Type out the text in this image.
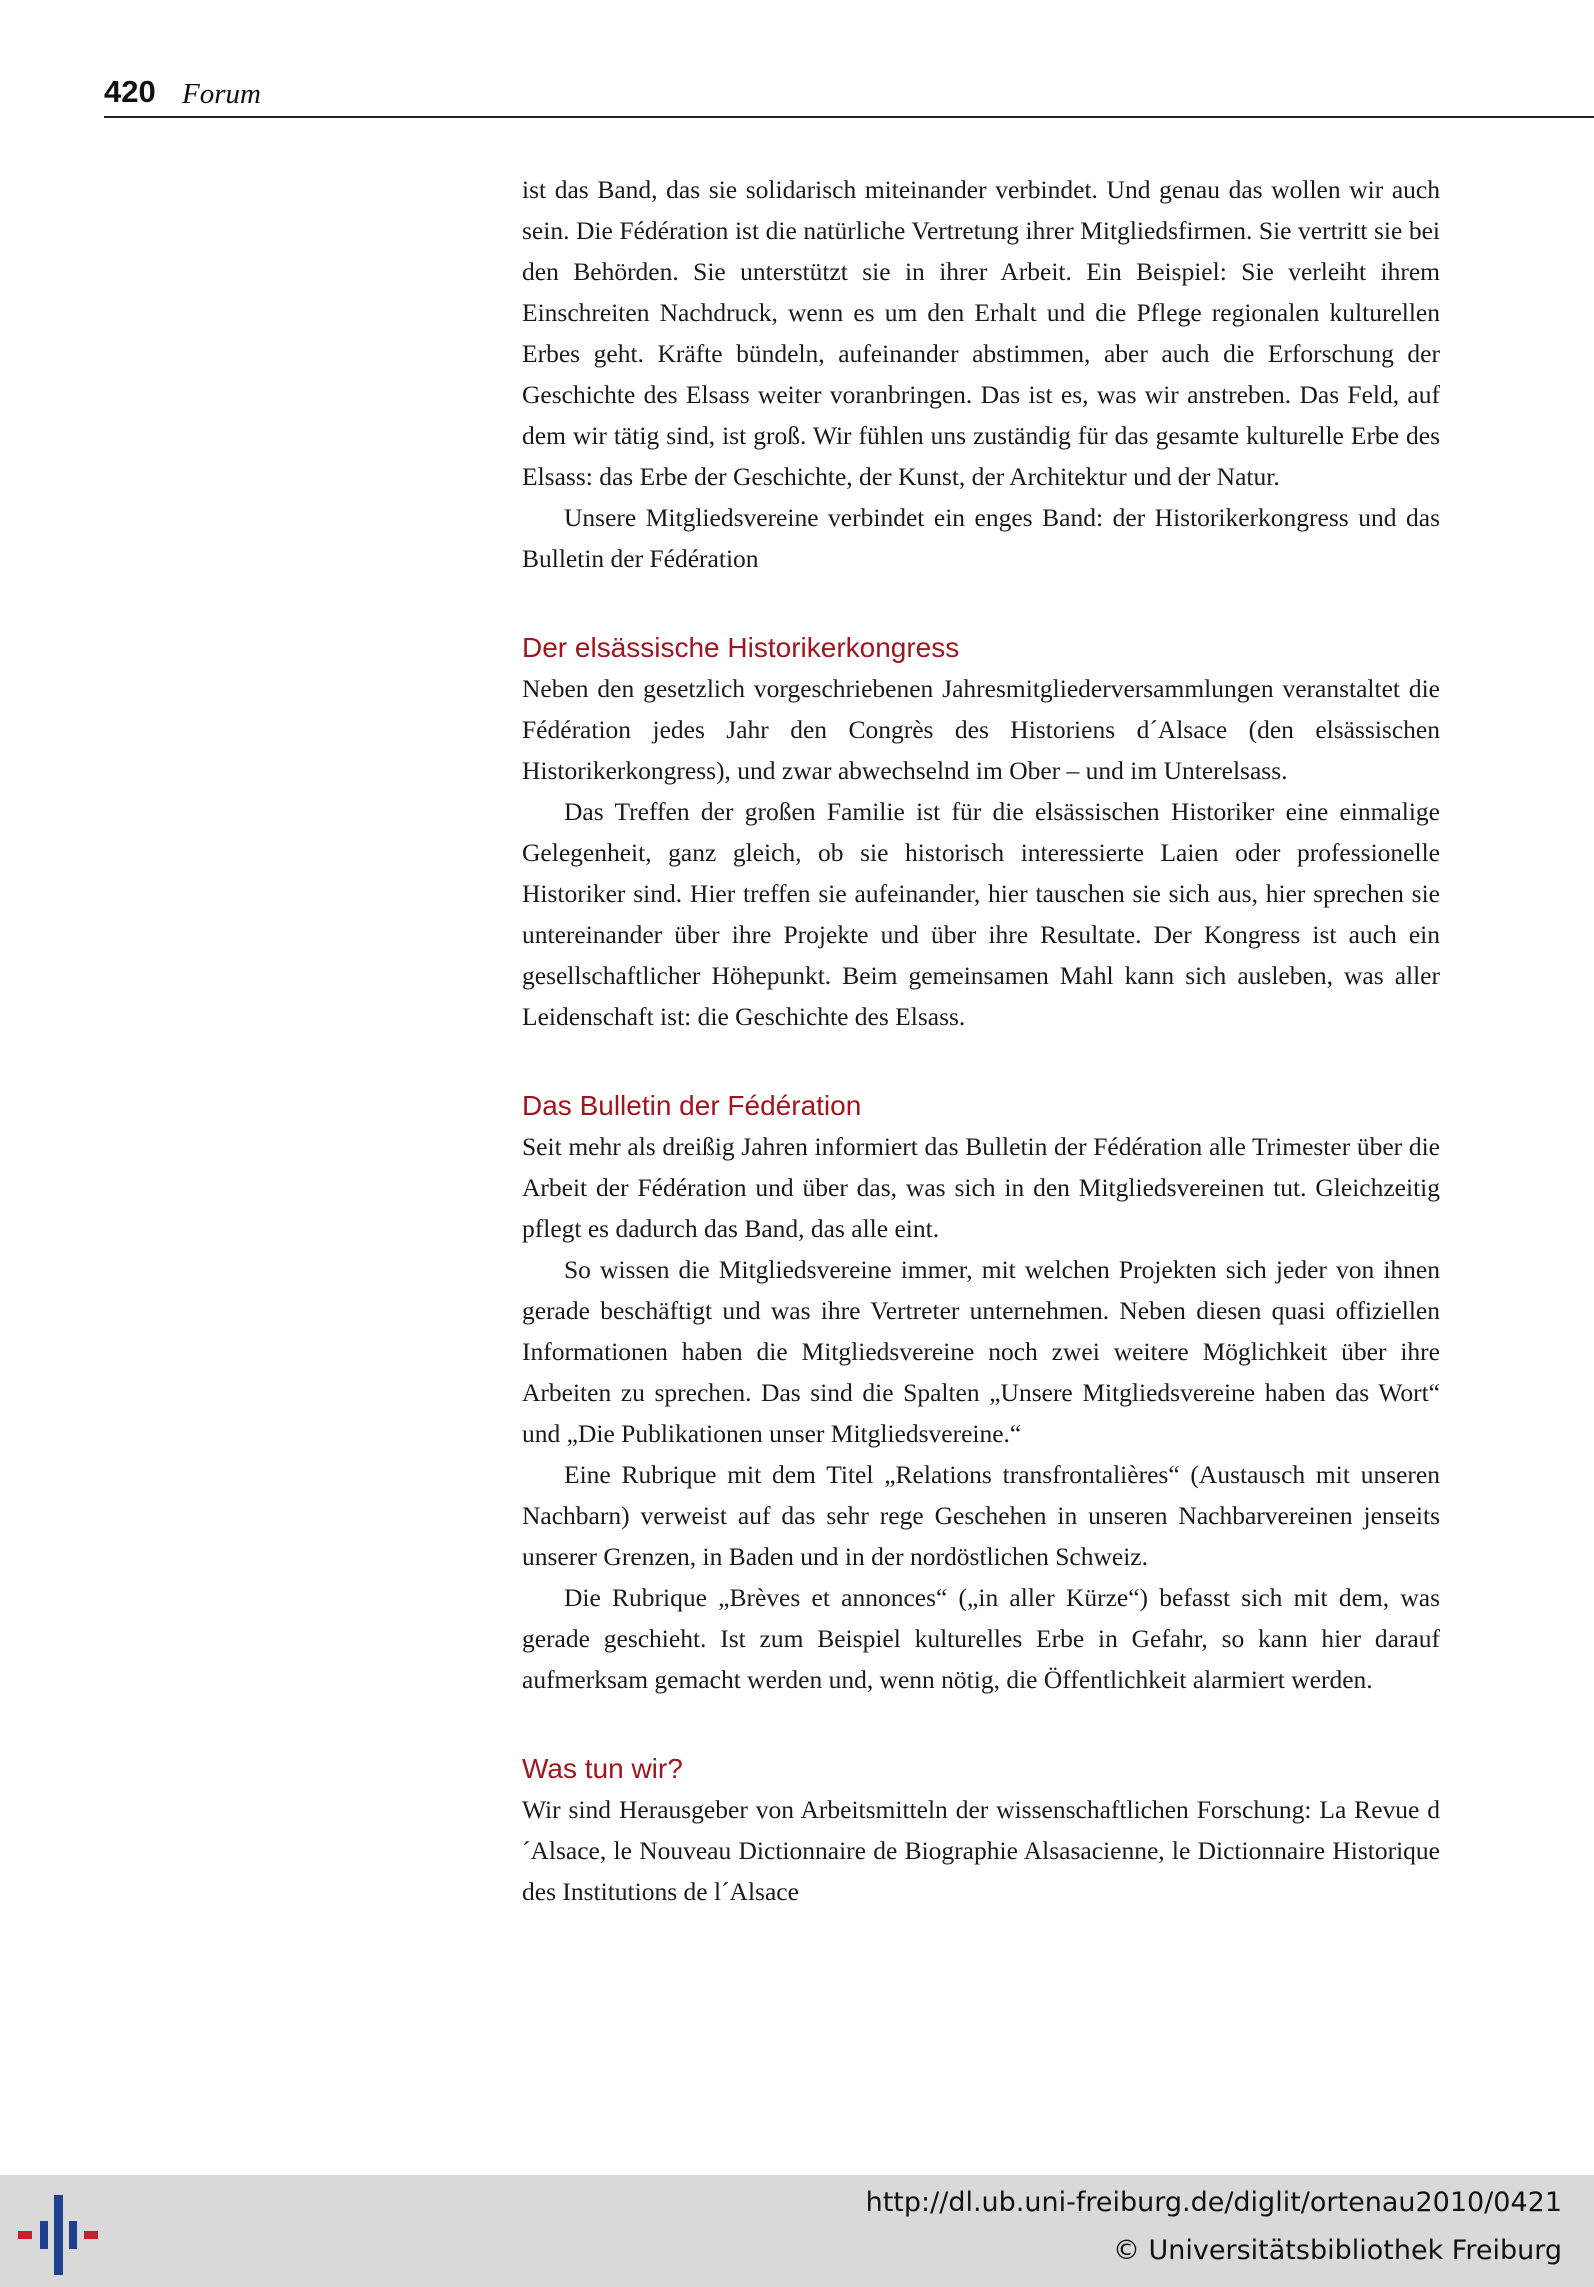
420 Forum

ist das Band, das sie solidarisch miteinander verbindet. Und genau das wollen wir auch sein. Die Fédération ist die natürliche Vertretung ihrer Mitgliedsfirmen. Sie vertritt sie bei den Behörden. Sie unterstützt sie in ihrer Arbeit. Ein Beispiel: Sie verleiht ihrem Einschreiten Nachdruck, wenn es um den Erhalt und die Pflege regionalen kulturellen Erbes geht. Kräfte bündeln, aufeinander abstimmen, aber auch die Erforschung der Geschichte des Elsass weiter voranbringen. Das ist es, was wir anstreben. Das Feld, auf dem wir tätig sind, ist groß. Wir fühlen uns zuständig für das gesamte kulturelle Erbe des Elsass: das Erbe der Geschichte, der Kunst, der Architektur und der Natur.

Unsere Mitgliedsvereine verbindet ein enges Band: der Historikerkongress und das Bulletin der Fédération

Der elsässische Historikerkongress

Neben den gesetzlich vorgeschriebenen Jahresmitgliederversammlungen veranstaltet die Fédération jedes Jahr den Congrès des Historiens d´Alsace (den elsässischen Historikerkongress), und zwar abwechselnd im Ober – und im Unterelsass.

Das Treffen der großen Familie ist für die elsässischen Historiker eine einmalige Gelegenheit, ganz gleich, ob sie historisch interessierte Laien oder professionelle Historiker sind. Hier treffen sie aufeinander, hier tauschen sie sich aus, hier sprechen sie untereinander über ihre Projekte und über ihre Resultate. Der Kongress ist auch ein gesellschaftlicher Höhepunkt. Beim gemeinsamen Mahl kann sich ausleben, was aller Leidenschaft ist: die Geschichte des Elsass.

Das Bulletin der Fédération

Seit mehr als dreißig Jahren informiert das Bulletin der Fédération alle Trimester über die Arbeit der Fédération und über das, was sich in den Mitgliedsvereinen tut. Gleichzeitig pflegt es dadurch das Band, das alle eint.

So wissen die Mitgliedsvereine immer, mit welchen Projekten sich jeder von ihnen gerade beschäftigt und was ihre Vertreter unternehmen. Neben diesen quasi offiziellen Informationen haben die Mitgliedsvereine noch zwei weitere Möglichkeit über ihre Arbeiten zu sprechen. Das sind die Spalten „Unsere Mitgliedsvereine haben das Wort“ und „Die Publikationen unser Mitgliedsvereine.“

Eine Rubrique mit dem Titel „Relations transfrontalières“ (Austausch mit unseren Nachbarn) verweist auf das sehr rege Geschehen in unseren Nachbarvereinen jenseits unserer Grenzen, in Baden und in der nordöstlichen Schweiz.

Die Rubrique „Brèves et annonces“ („in aller Kürze“) befasst sich mit dem, was gerade geschieht. Ist zum Beispiel kulturelles Erbe in Gefahr, so kann hier darauf aufmerksam gemacht werden und, wenn nötig, die Öffentlichkeit alarmiert werden.

Was tun wir?

Wir sind Herausgeber von Arbeitsmitteln der wissenschaftlichen Forschung: La Revue d´Alsace, le Nouveau Dictionnaire de Biographie Alsasacienne, le Dictionnaire Historique des Institutions de l´Alsace

http://dl.ub.uni-freiburg.de/diglit/ortenau2010/0421
© Universitätsbibliothek Freiburg
